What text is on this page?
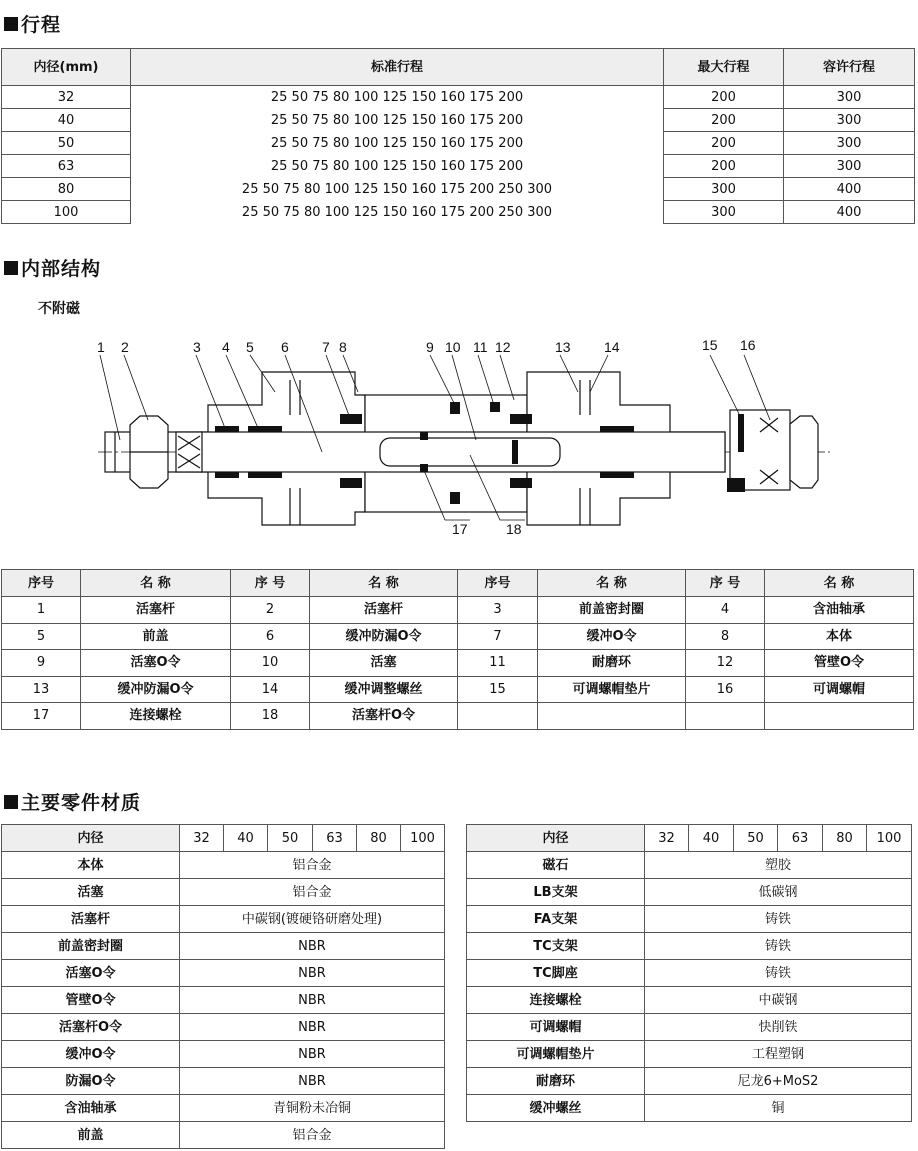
行程
内径(mm)	标准行程	最大行程	容许行程
32	25 50 75 80 100 125 150 160 175 200	200	300
40	25 50 75 80 100 125 150 160 175 200	200	300
50	25 50 75 80 100 125 150 160 175 200	200	300
63	25 50 75 80 100 125 150 160 175 200	200	300
80	25 50 75 80 100 125 150 160 175 200 250 300	300	400
100	25 50 75 80 100 125 150 160 175 200 250 300	300	400
内部结构
不附磁
1 2	3 4 5 6 7 8	9 10 11 12	13 14	15 16
17	18
序号	名 称	序 号	名 称	序号	名 称	序 号	名 称
1	活塞杆	2	活塞杆	3	前盖密封圈	4	含油轴承
5	前盖	6	缓冲防漏O令	7	缓冲O令	8	本体
9	活塞O令	10	活塞	11	耐磨环	12	管壁O令
13	缓冲防漏O令	14	缓冲调整螺丝	15	可调螺帽垫片	16	可调螺帽
17	连接螺栓	18	活塞杆O令				
主要零件材质
内径	32	40	50	63	80	100
本体	铝合金					
活塞	铝合金					
活塞杆	中碳钢(镀硬铬研磨处理)					
前盖密封圈	NBR					
活塞O令	NBR					
管壁O令	NBR					
活塞杆O令	NBR					
缓冲O令	NBR					
防漏O令	NBR					
含油轴承	青铜粉未冶铜					
前盖	铝合金					
内径	32	40	50	63	80	100
磁石	塑胶					
LB支架	低碳钢					
FA支架	铸铁					
TC支架	铸铁					
TC脚座	铸铁					
连接螺栓	中碳钢					
可调螺帽	快削铁					
可调螺帽垫片	工程塑钢					
耐磨环	尼龙6+MoS2					
缓冲螺丝	铜					
